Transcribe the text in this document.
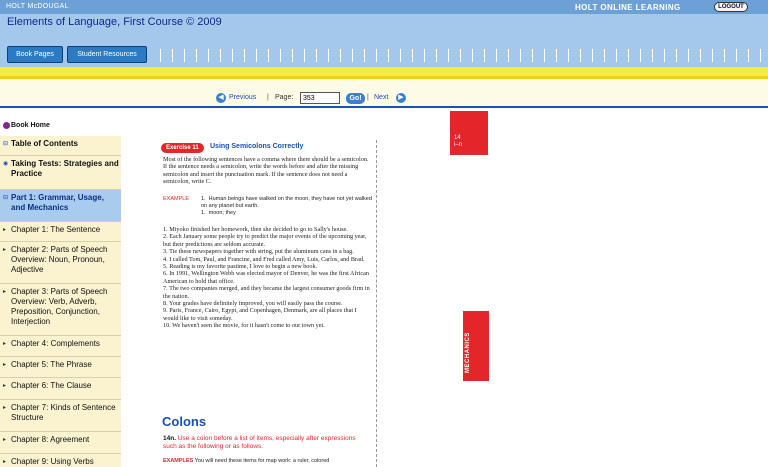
HOLT McDOUGAL
Elements of Language, First Course © 2009
HOLT ONLINE LEARNING	LOGOUT
Book Pages	Student Resources
◀ Previous | Page:
353	Go! | Next	▶
Book Home
⊟ Table of Contents
◉ Taking Tests: Strategies and Practice
⊟ Part 1: Grammar, Usage, and Mechanics
▸ Chapter 1: The Sentence
▸ Chapter 2: Parts of Speech Overview: Noun, Pronoun, Adjective
▸ Chapter 3: Parts of Speech Overview: Verb, Adverb, Preposition, Conjunction, Interjection
▸ Chapter 4: Complements
▸ Chapter 5: The Phrase
▸ Chapter 6: The Clause
▸ Chapter 7: Kinds of Sentence Structure
▸ Chapter 8: Agreement
▸ Chapter 9: Using Verbs
14
i–n
MECHANICS
Exercise 11	Using Semicolons Correctly
Most of the following sentences have a comma where there should be a semicolon. If the sentence needs a semicolon, write the words before and after the missing semicolon and insert the punctuation mark. If the sentence does not need a semicolon, write C.
EXAMPLE 1.  Human beings have walked on the moon, they have not yet walked on any planet but earth.
1.  moon; they

1. Miyoko finished her homework, then she decided to go to Sally's house.

2. Each January some people try to predict the major events of the upcoming year, but their predictions are seldom accurate.

3. Tie these newspapers together with string, put the aluminum cans in a bag.

4. I called Tom, Paul, and Francine, and Fred called Amy, Luis, Carlos, and Brad.

5. Reading is my favorite pastime, I love to begin a new book.

6. In 1991, Wellington Webb was elected mayor of Denver, he was the first African American to hold that office.

7. The two companies merged, and they became the largest consumer goods firm in the nation.

8. Your grades have definitely improved, you will easily pass the course.

9. Paris, France, Cairo, Egypt, and Copenhagen, Denmark, are all places that I would like to visit someday.

10. We haven't seen the movie, for it hasn't come to our town yet.

Colons
14n. Use a colon before a list of items, especially after expressions such as the following or as follows.
EXAMPLES You will need these items for map work: a ruler, colored
